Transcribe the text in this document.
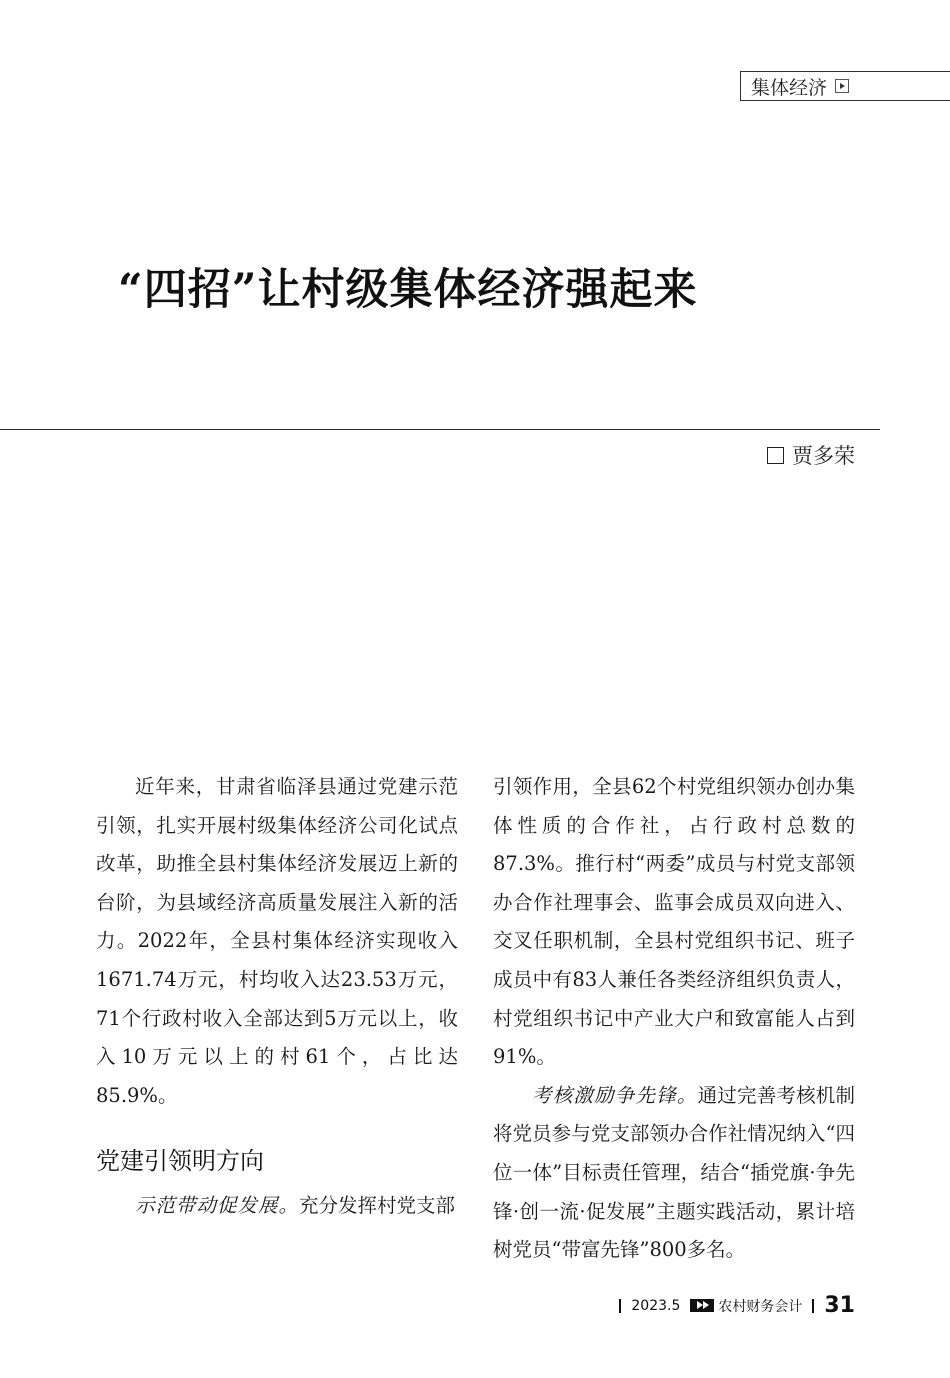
集体经济
“四招”让村级集体经济强起来
贾多荣

近年来，甘肃省临泽县通过党建示范引领，扎实开展村级集体经济公司化试点改革，助推全县村集体经济发展迈上新的台阶，为县域经济高质量发展注入新的活力。2022年，全县村集体经济实现收入1671.74万元，村均收入达23.53万元，71个行政村收入全部达到5万元以上，收入10万元以上的村61个，占比达85.9%。

党建引领明方向

示范带动促发展。充分发挥村党支部

引领作用，全县62个村党组织领办创办集体性质的合作社，占行政村总数的87.3%。推行村“两委”成员与村党支部领办合作社理事会、监事会成员双向进入、交叉任职机制，全县村党组织书记、班子成员中有83人兼任各类经济组织负责人，村党组织书记中产业大户和致富能人占到91%。

考核激励争先锋。通过完善考核机制将党员参与党支部领办合作社情况纳入“四位一体”目标责任管理，结合“插党旗·争先锋·创一流·促发展”主题实践活动，累计培树党员“带富先锋”800多名。

2023.5	农村财务会计 31
